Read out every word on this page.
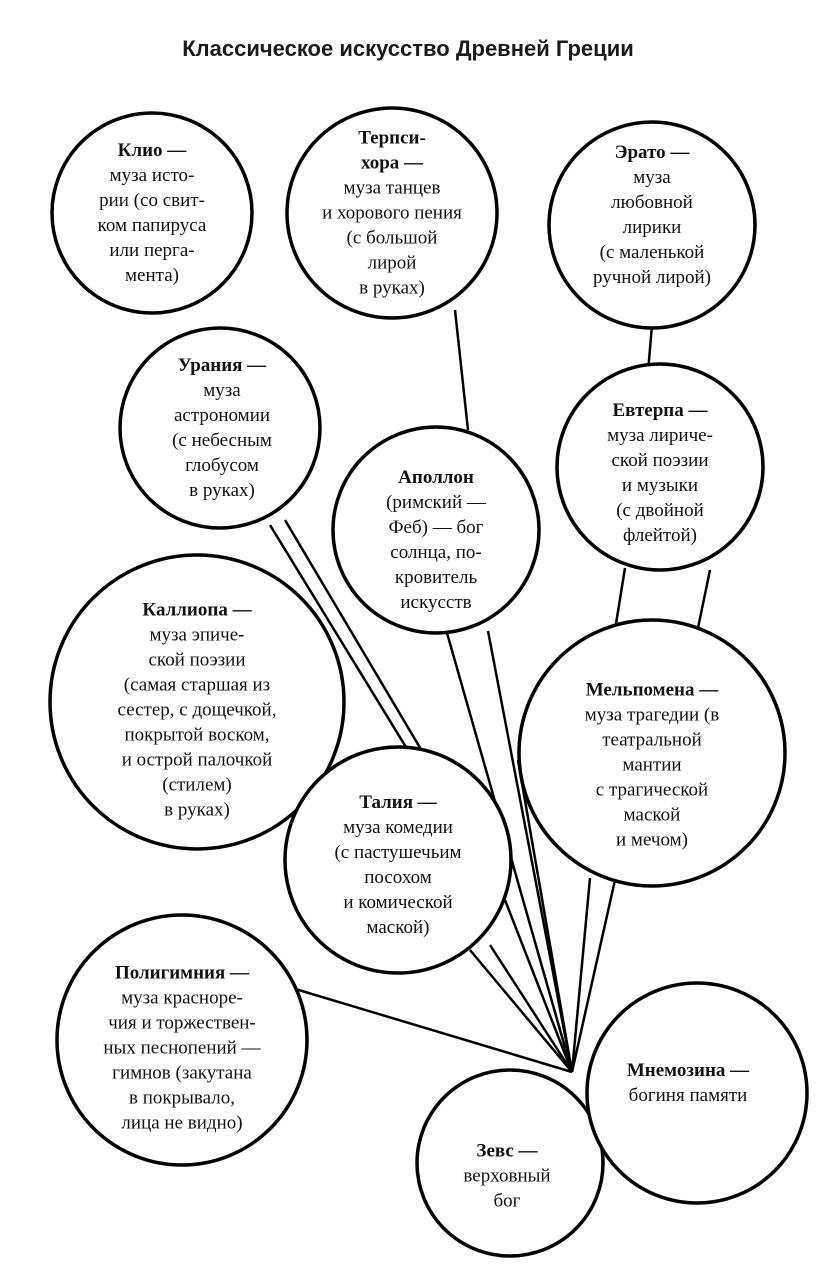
Классическое искусство Древней Греции
Клио —
муза исто-
рии (со свит-
ком папируса
или перга-
мента)
Терпси-
хора —
муза танцев
и хорового пения
(с большой
лирой
в руках)
Эрато —
муза
любовной
лирики
(с маленькой
ручной лирой)
Урания —
муза
астрономии
(с небесным
глобусом
в руках)
Евтерпа —
муза лириче-
ской поэзии
и музыки
(с двойной
флейтой)
Аполлон
(римский —
Феб) — бог
солнца, по-
кровитель
искусств
Каллиопа —
муза эпиче-
ской поэзии
(самая старшая из
сестер, с дощечкой,
покрытой воском,
и острой палочкой
(стилем)
в руках)
Мельпомена —
муза трагедии (в
театральной
мантии
с трагической
маской
и мечом)
Талия —
муза комедии
(с пастушечьим
посохом
и комической
маской)
Полигимния —
муза красноре-
чия и торжествен-
ных песнопений —
гимнов (закутана
в покрывало,
лица не видно)
Зевс —
верховный
бог
Мнемозина —
богиня памяти
